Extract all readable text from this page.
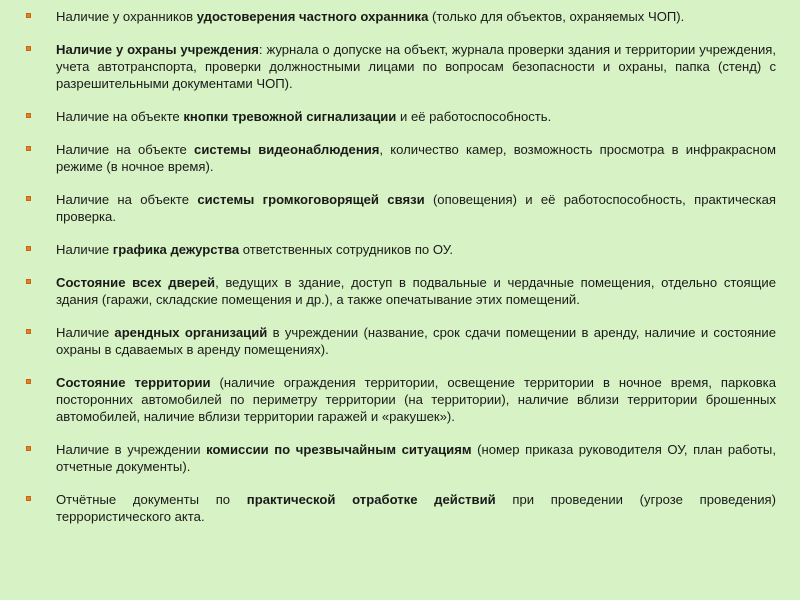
Наличие у охранников удостоверения частного охранника (только для объектов, охраняемых ЧОП).
Наличие у охраны учреждения: журнала о допуске на объект, журнала проверки здания и территории учреждения, учета автотранспорта, проверки должностными лицами по вопросам безопасности и охраны, папка (стенд) с разрешительными документами ЧОП).
Наличие на объекте кнопки тревожной сигнализации и её работоспособность.
Наличие на объекте системы видеонаблюдения, количество камер, возможность просмотра в инфракрасном режиме (в ночное время).
Наличие на объекте системы громкоговорящей связи (оповещения) и её работоспособность, практическая проверка.
Наличие графика дежурства ответственных сотрудников по ОУ.
Состояние всех дверей, ведущих в здание, доступ в подвальные и чердачные помещения, отдельно стоящие здания (гаражи, складские помещения и др.), а также опечатывание этих помещений.
Наличие арендных организаций в учреждении (название, срок сдачи помещении в аренду, наличие и состояние охраны в сдаваемых в аренду помещениях).
Состояние территории (наличие ограждения территории, освещение территории в ночное время, парковка посторонних автомобилей по периметру территории (на территории), наличие вблизи территории брошенных автомобилей, наличие вблизи территории гаражей и «ракушек»).
Наличие в учреждении комиссии по чрезвычайным ситуациям (номер приказа руководителя ОУ, план работы, отчетные документы).
Отчётные документы по практической отработке действий при проведении (угрозе проведения) террористического акта.
